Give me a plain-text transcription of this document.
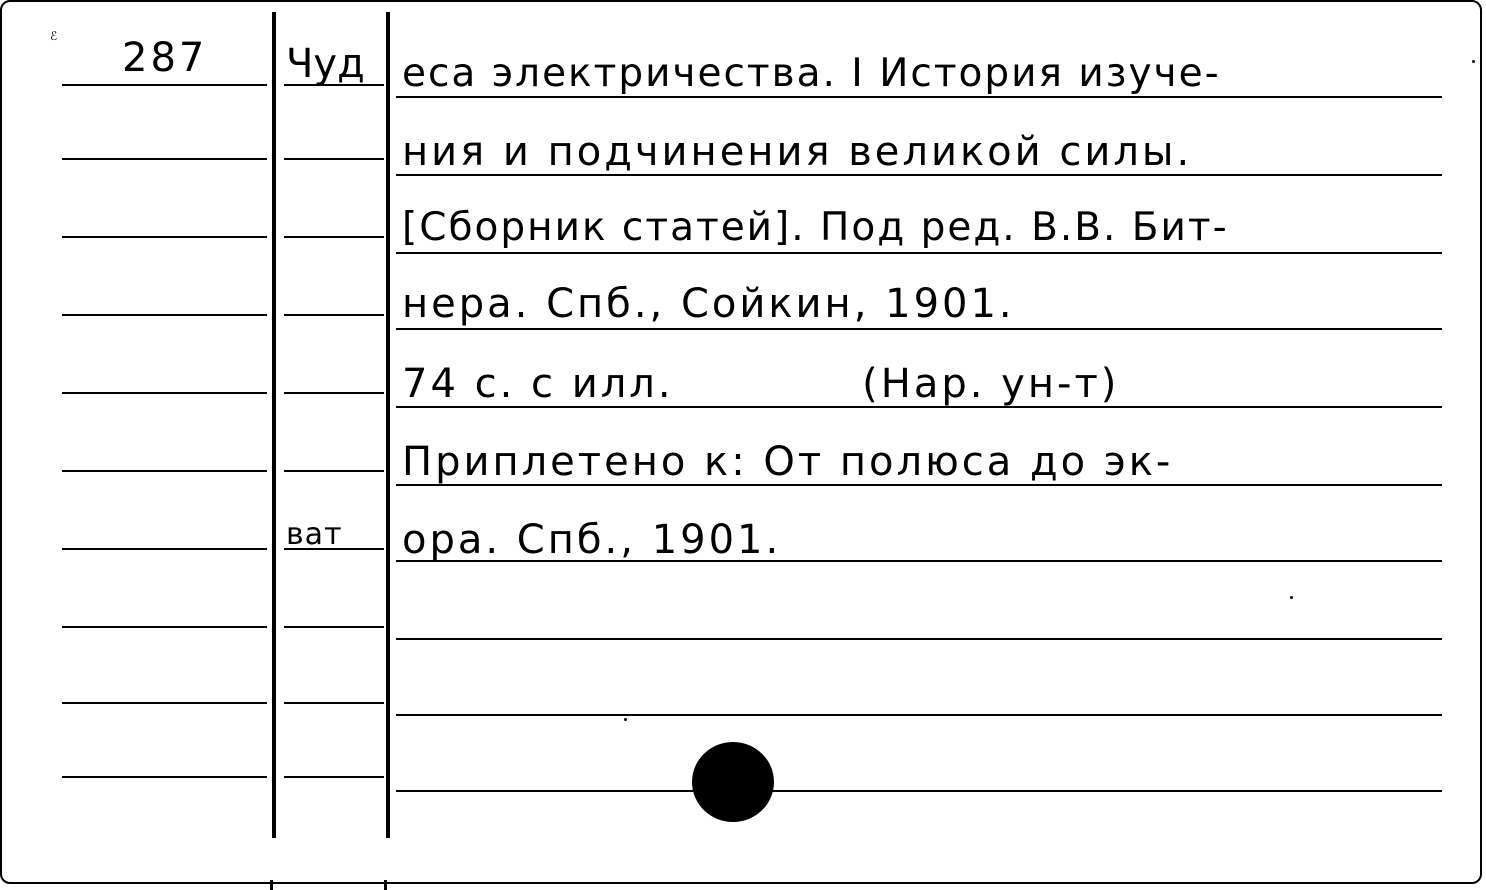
ℰ 287 Чуд
ват
еса электричества. I История изуче-
ния и подчинения великой силы.
[Сборник статей]. Под ред. В.В. Бит-
нера. Спб., Сойкин, 1901.
74 с. с илл.            (Нар. ун-т)
Приплетено к: От полюса до эк-
ора. Спб., 1901.
